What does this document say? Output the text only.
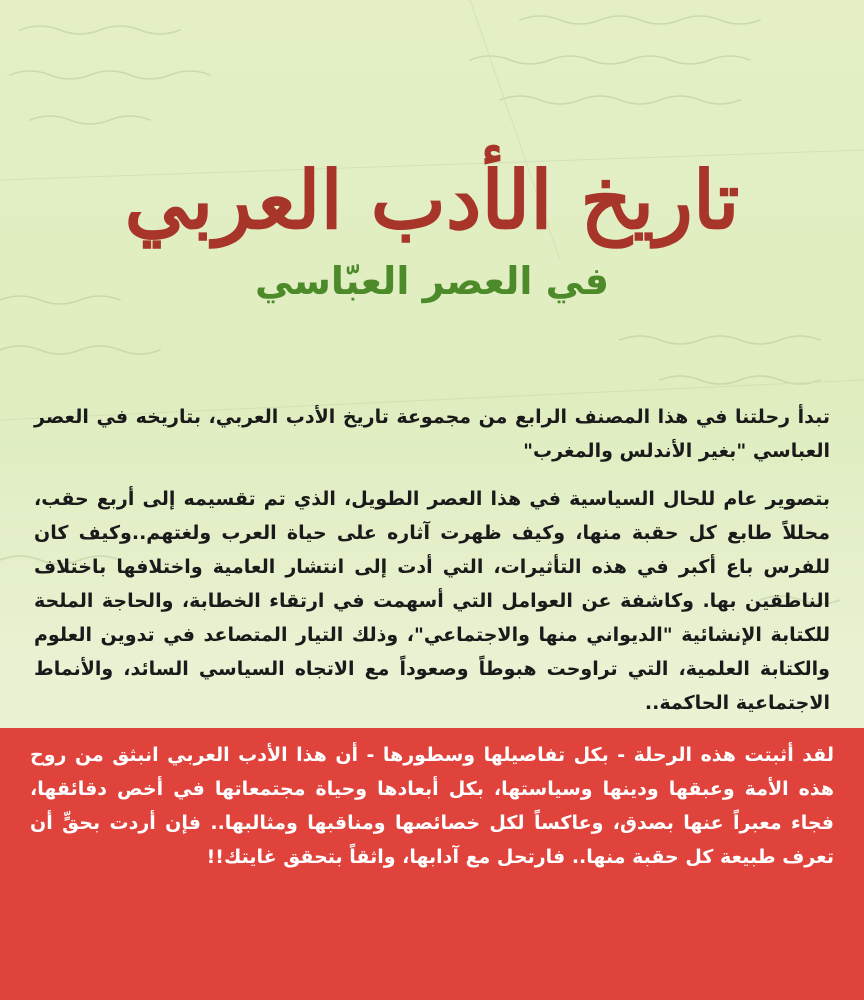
تاريخ الأدب العربي
في العصر العبّاسي

تبدأ رحلتنا في هذا المصنف الرابع من مجموعة تاريخ الأدب العربي، بتاريخه في العصر العباسي "بغير الأندلس والمغرب"

بتصوير عام للحال السياسية في هذا العصر الطويل، الذي تم تقسيمه إلى أربع حقب، محللاً طابع كل حقبة منها، وكيف ظهرت آثاره على حياة العرب ولغتهم..وكيف كان للفرس باع أكبر في هذه التأثيرات، التي أدت إلى انتشار العامية واختلافها باختلاف الناطقين بها. وكاشفة عن العوامل التي أسهمت في ارتقاء الخطابة، والحاجة الملحة للكتابة الإنشائية "الديواني منها والاجتماعي"، وذلك التيار المتصاعد في تدوين العلوم والكتابة العلمية، التي تراوحت هبوطاً وصعوداً مع الاتجاه السياسي السائد، والأنماط الاجتماعية الحاكمة..

لقد أثبتت هذه الرحلة - بكل تفاصيلها وسطورها - أن هذا الأدب العربي انبثق من روح هذه الأمة وعبقها ودينها وسياستها، بكل أبعادها وحياة مجتمعاتها في أخص دقائقها، فجاء معبراً عنها بصدق، وعاكساً لكل خصائصها ومناقبها ومثالبها.. فإن أردت بحقٍّ أن تعرف طبيعة كل حقبة منها.. فارتحل مع آدابها، واثقاً بتحقق غايتك!!
